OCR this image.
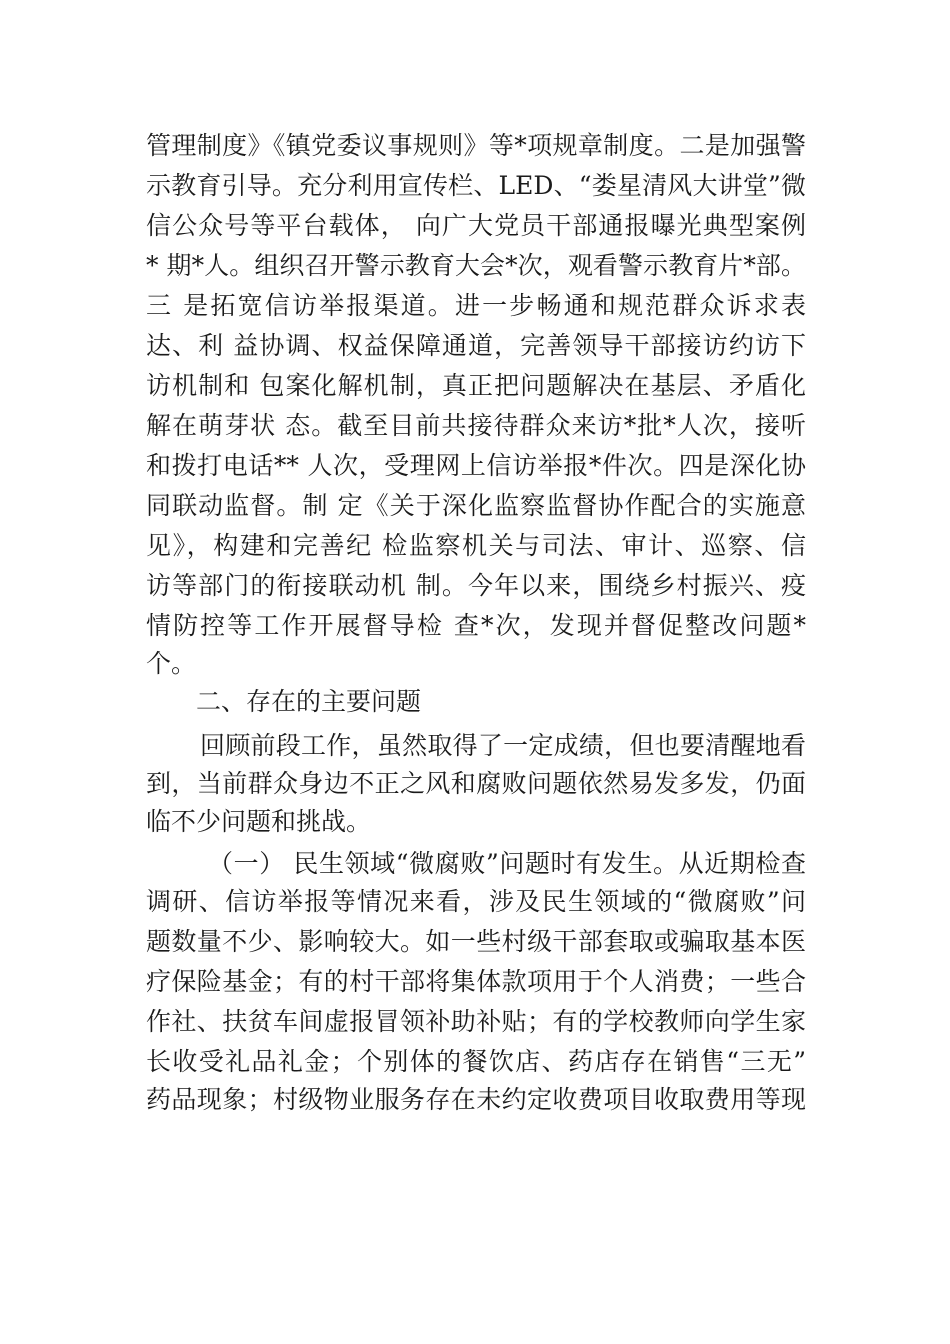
管理制度》《镇党委议事规则》等*项规章制度。二是加强警
示教育引导。充分利用宣传栏、LED、“娄星清风大讲堂”微
信公众号等平台载体， 向广大党员干部通报曝光典型案例
* 期*人。组织召开警示教育大会*次，观看警示教育片*部。
三 是拓宽信访举报渠道。进一步畅通和规范群众诉求表
达、利 益协调、权益保障通道，完善领导干部接访约访下
访机制和 包案化解机制，真正把问题解决在基层、矛盾化
解在萌芽状 态。截至目前共接待群众来访*批*人次，接听
和拨打电话** 人次，受理网上信访举报*件次。四是深化协
同联动监督。制 定《关于深化监察监督协作配合的实施意
见》，构建和完善纪 检监察机关与司法、审计、巡察、信
访等部门的衔接联动机 制。今年以来，围绕乡村振兴、疫
情防控等工作开展督导检 查*次，发现并督促整改问题*
个。
二、存在的主要问题
回顾前段工作，虽然取得了一定成绩，但也要清醒地看
到，当前群众身边不正之风和腐败问题依然易发多发，仍面
临不少问题和挑战。
（一） 民生领域“微腐败”问题时有发生。从近期检查
调研、信访举报等情况来看，涉及民生领域的“微腐败”问
题数量不少、影响较大。如一些村级干部套取或骗取基本医
疗保险基金；有的村干部将集体款项用于个人消费；一些合
作社、扶贫车间虚报冒领补助补贴；有的学校教师向学生家
长收受礼品礼金；个别体的餐饮店、药店存在销售“三无”
药品现象；村级物业服务存在未约定收费项目收取费用等现
